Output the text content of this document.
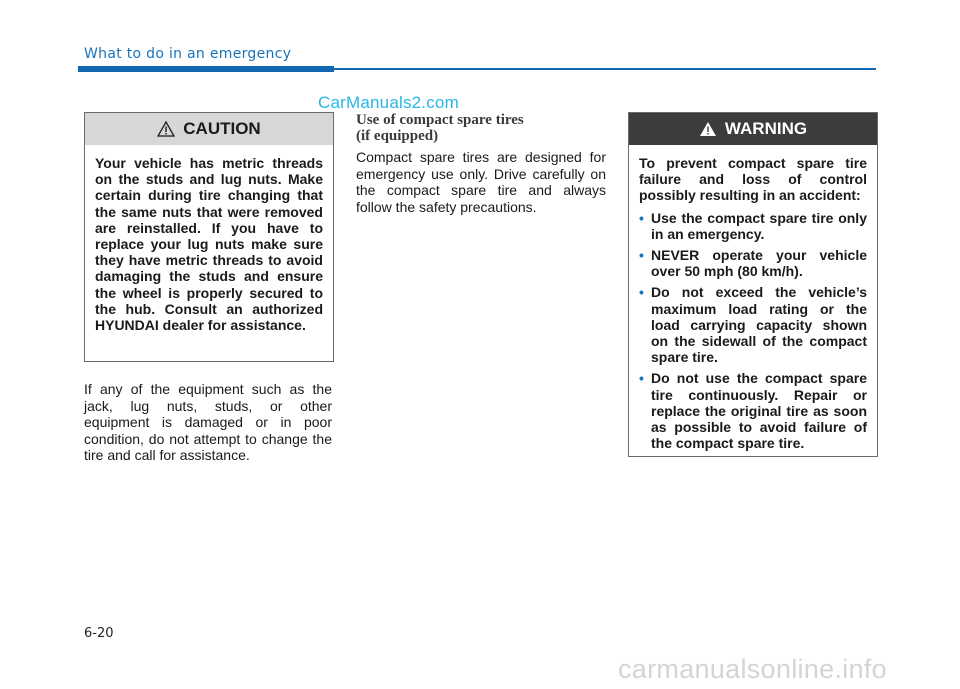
What to do in an emergency
CarManuals2.com
CAUTION
Your vehicle has metric threads on the studs and lug nuts. Make certain during tire changing that the same nuts that were removed are reinstalled. If you have to replace your lug nuts make sure they have metric threads to avoid damaging the studs and ensure the wheel is properly secured to the hub. Consult an authorized HYUNDAI dealer for assistance.
If any of the equipment such as the jack, lug nuts, studs, or other equipment is damaged or in poor condition, do not attempt to change the tire and call for assistance.
Use of compact spare tires
(if equipped)
Compact spare tires are designed for emergency use only. Drive carefully on the compact spare tire and always follow the safety precautions.
WARNING
To prevent compact spare tire failure and loss of control possibly resulting in an accident:
• Use the compact spare tire only in an emergency.
• NEVER operate your vehicle over 50 mph (80 km/h).
• Do not exceed the vehicle’s maximum load rating or the load carrying capacity shown on the sidewall of the compact spare tire.
• Do not use the compact spare tire continuously. Repair or replace the original tire as soon as possible to avoid failure of the compact spare tire.
6-20
carmanualsonline.info
